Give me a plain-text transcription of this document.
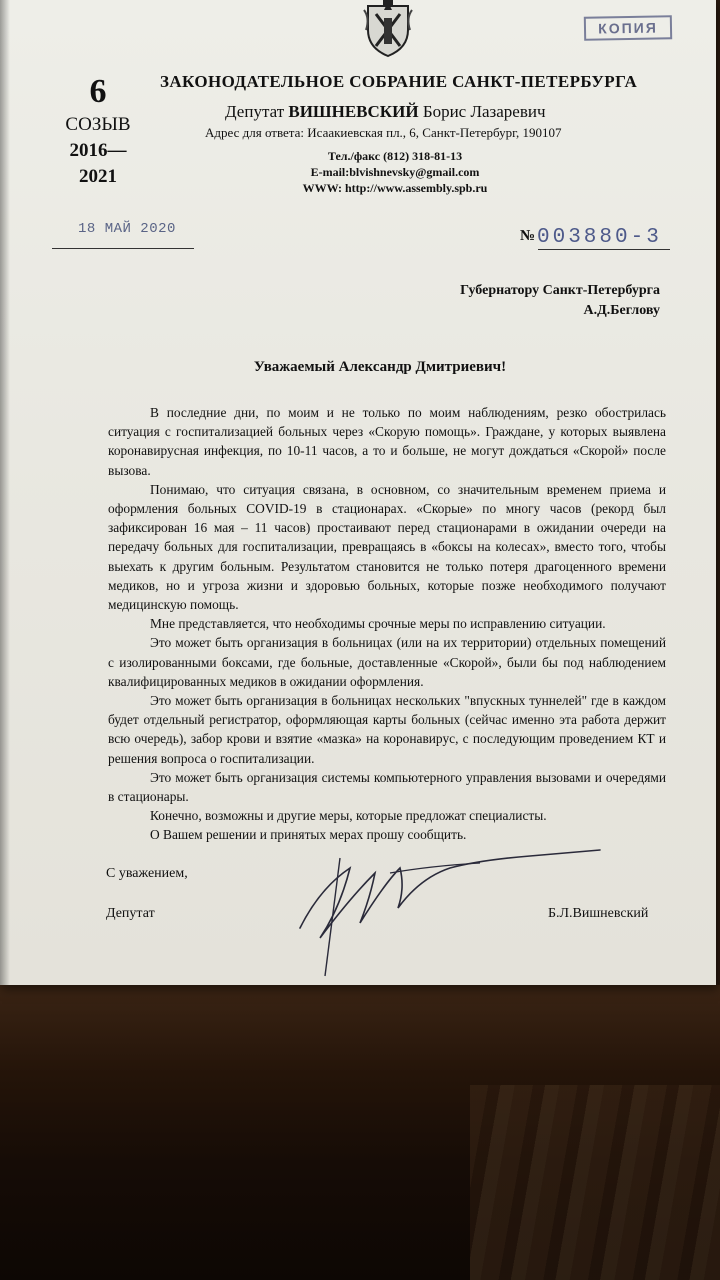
КОПИЯ
6
СОЗЫВ
2016—
2021
ЗАКОНОДАТЕЛЬНОЕ СОБРАНИЕ САНКТ-ПЕТЕРБУРГА
Депутат ВИШНЕВСКИЙ Борис Лазаревич
Адрес для ответа: Исаакиевская пл., 6, Санкт-Петербург, 190107
Тел./факс (812) 318-81-13
E-mail:blvishnevsky@gmail.com
WWW: http://www.assembly.spb.ru
18 МАЙ 2020	№ 003880-3
Губернатору Санкт-Петербурга
А.Д.Беглову
Уважаемый Александр Дмитриевич!

В последние дни, по моим и не только по моим наблюдениям, резко обострилась ситуация с госпитализацией больных через «Скорую помощь». Граждане, у которых выявлена коронавирусная инфекция, по 10-11 часов, а то и больше, не могут дождаться «Скорой» после вызова.

Понимаю, что ситуация связана, в основном, со значительным временем приема и оформления больных COVID-19 в стационарах. «Скорые» по многу часов (рекорд был зафиксирован 16 мая – 11 часов) простаивают перед стационарами в ожидании очереди на передачу больных для госпитализации, превращаясь в «боксы на колесах», вместо того, чтобы выехать к другим больным. Результатом становится не только потеря драгоценного времени медиков, но и угроза жизни и здоровью больных, которые позже необходимого получают медицинскую помощь.

Мне представляется, что необходимы срочные меры по исправлению ситуации.

Это может быть организация в больницах (или на их территории) отдельных помещений с изолированными боксами, где больные, доставленные «Скорой», были бы под наблюдением квалифицированных медиков в ожидании оформления.

Это может быть организация в больницах нескольких "впускных туннелей" где в каждом будет отдельный регистратор, оформляющая карты больных (сейчас именно эта работа держит всю очередь), забор крови и взятие «мазка» на коронавирус, с последующим проведением КТ и решения вопроса о госпитализации.

Это может быть организация системы компьютерного управления вызовами и очередями в стационары.

Конечно, возможны и другие меры, которые предложат специалисты.

О Вашем решении и принятых мерах прошу сообщить.

С уважением,
Депутат	Б.Л.Вишневский
